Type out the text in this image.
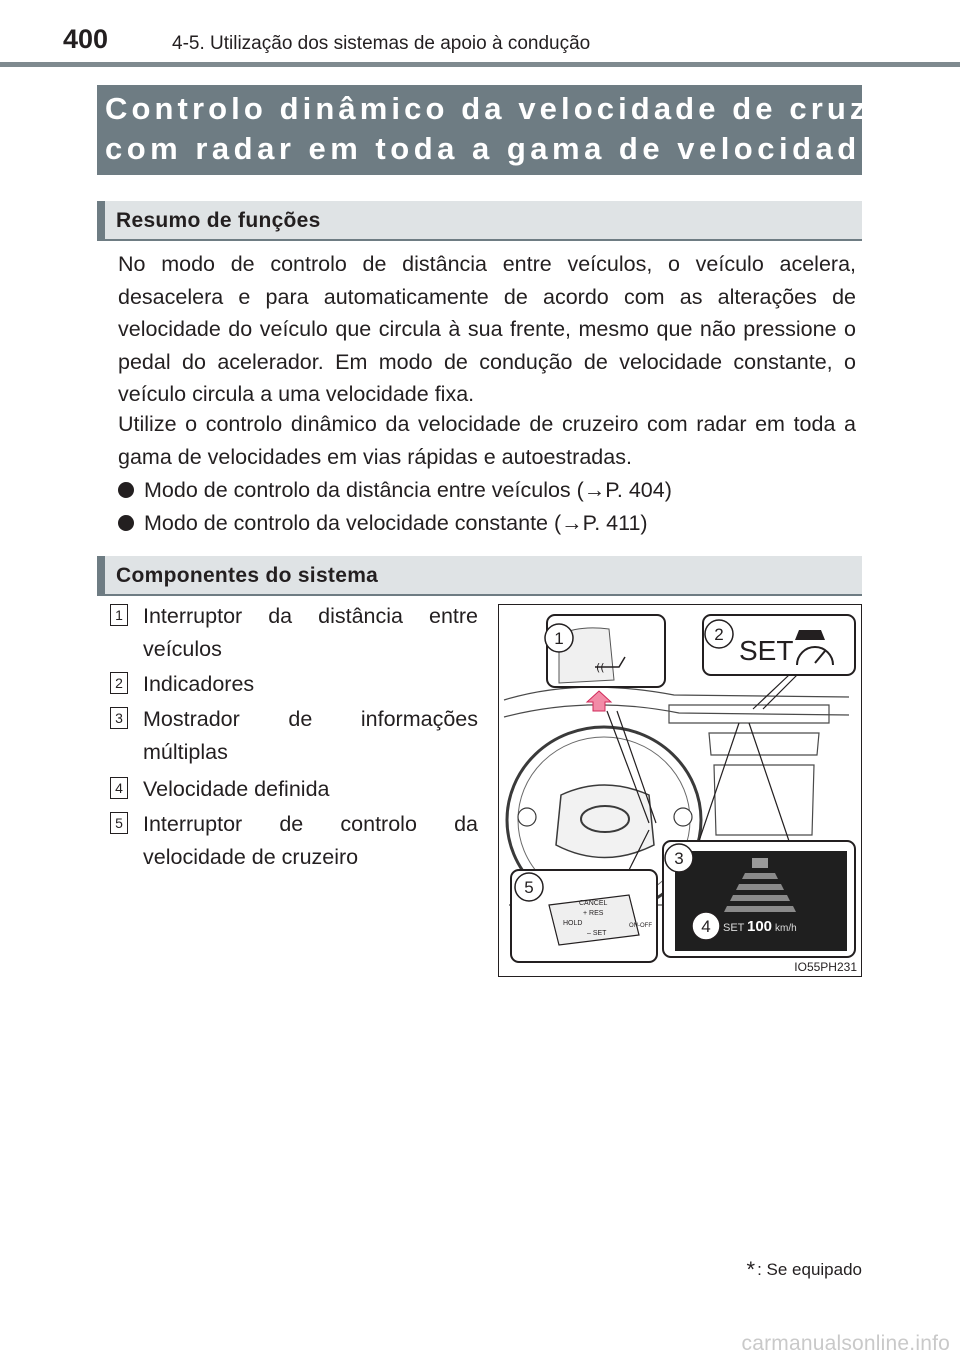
400	4-5. Utilização dos sistemas de apoio à condução
Controlo dinâmico da velocidade de cruzeiro
com radar em toda a gama de velocidades *
Resumo de funções
No modo de controlo de distância entre veículos, o veículo acelera, desacelera e para automaticamente de acordo com as alterações de velocidade do veículo que circula à sua frente, mesmo que não pressione o pedal do acelerador. Em modo de condução de velocidade constante, o veículo circula a uma velocidade fixa.
Utilize o controlo dinâmico da velocidade de cruzeiro com radar em toda a gama de velocidades em vias rápidas e autoestradas.
Modo de controlo da distância entre veículos (→P. 404)
Modo de controlo da velocidade constante (→P. 411)
Componentes do sistema
1 Interruptor da distância entre veículos
2 Indicadores
3 Mostrador de informações múltiplas
4 Velocidade definida
5 Interruptor de controlo da velocidade de cruzeiro
((
1	2
SET
SET 100 km/h
3
4
5
CANCEL
+ RES
HOLD
– SET
ON-OFF
IO55PH231
* : Se equipado
carmanualsonline.info
